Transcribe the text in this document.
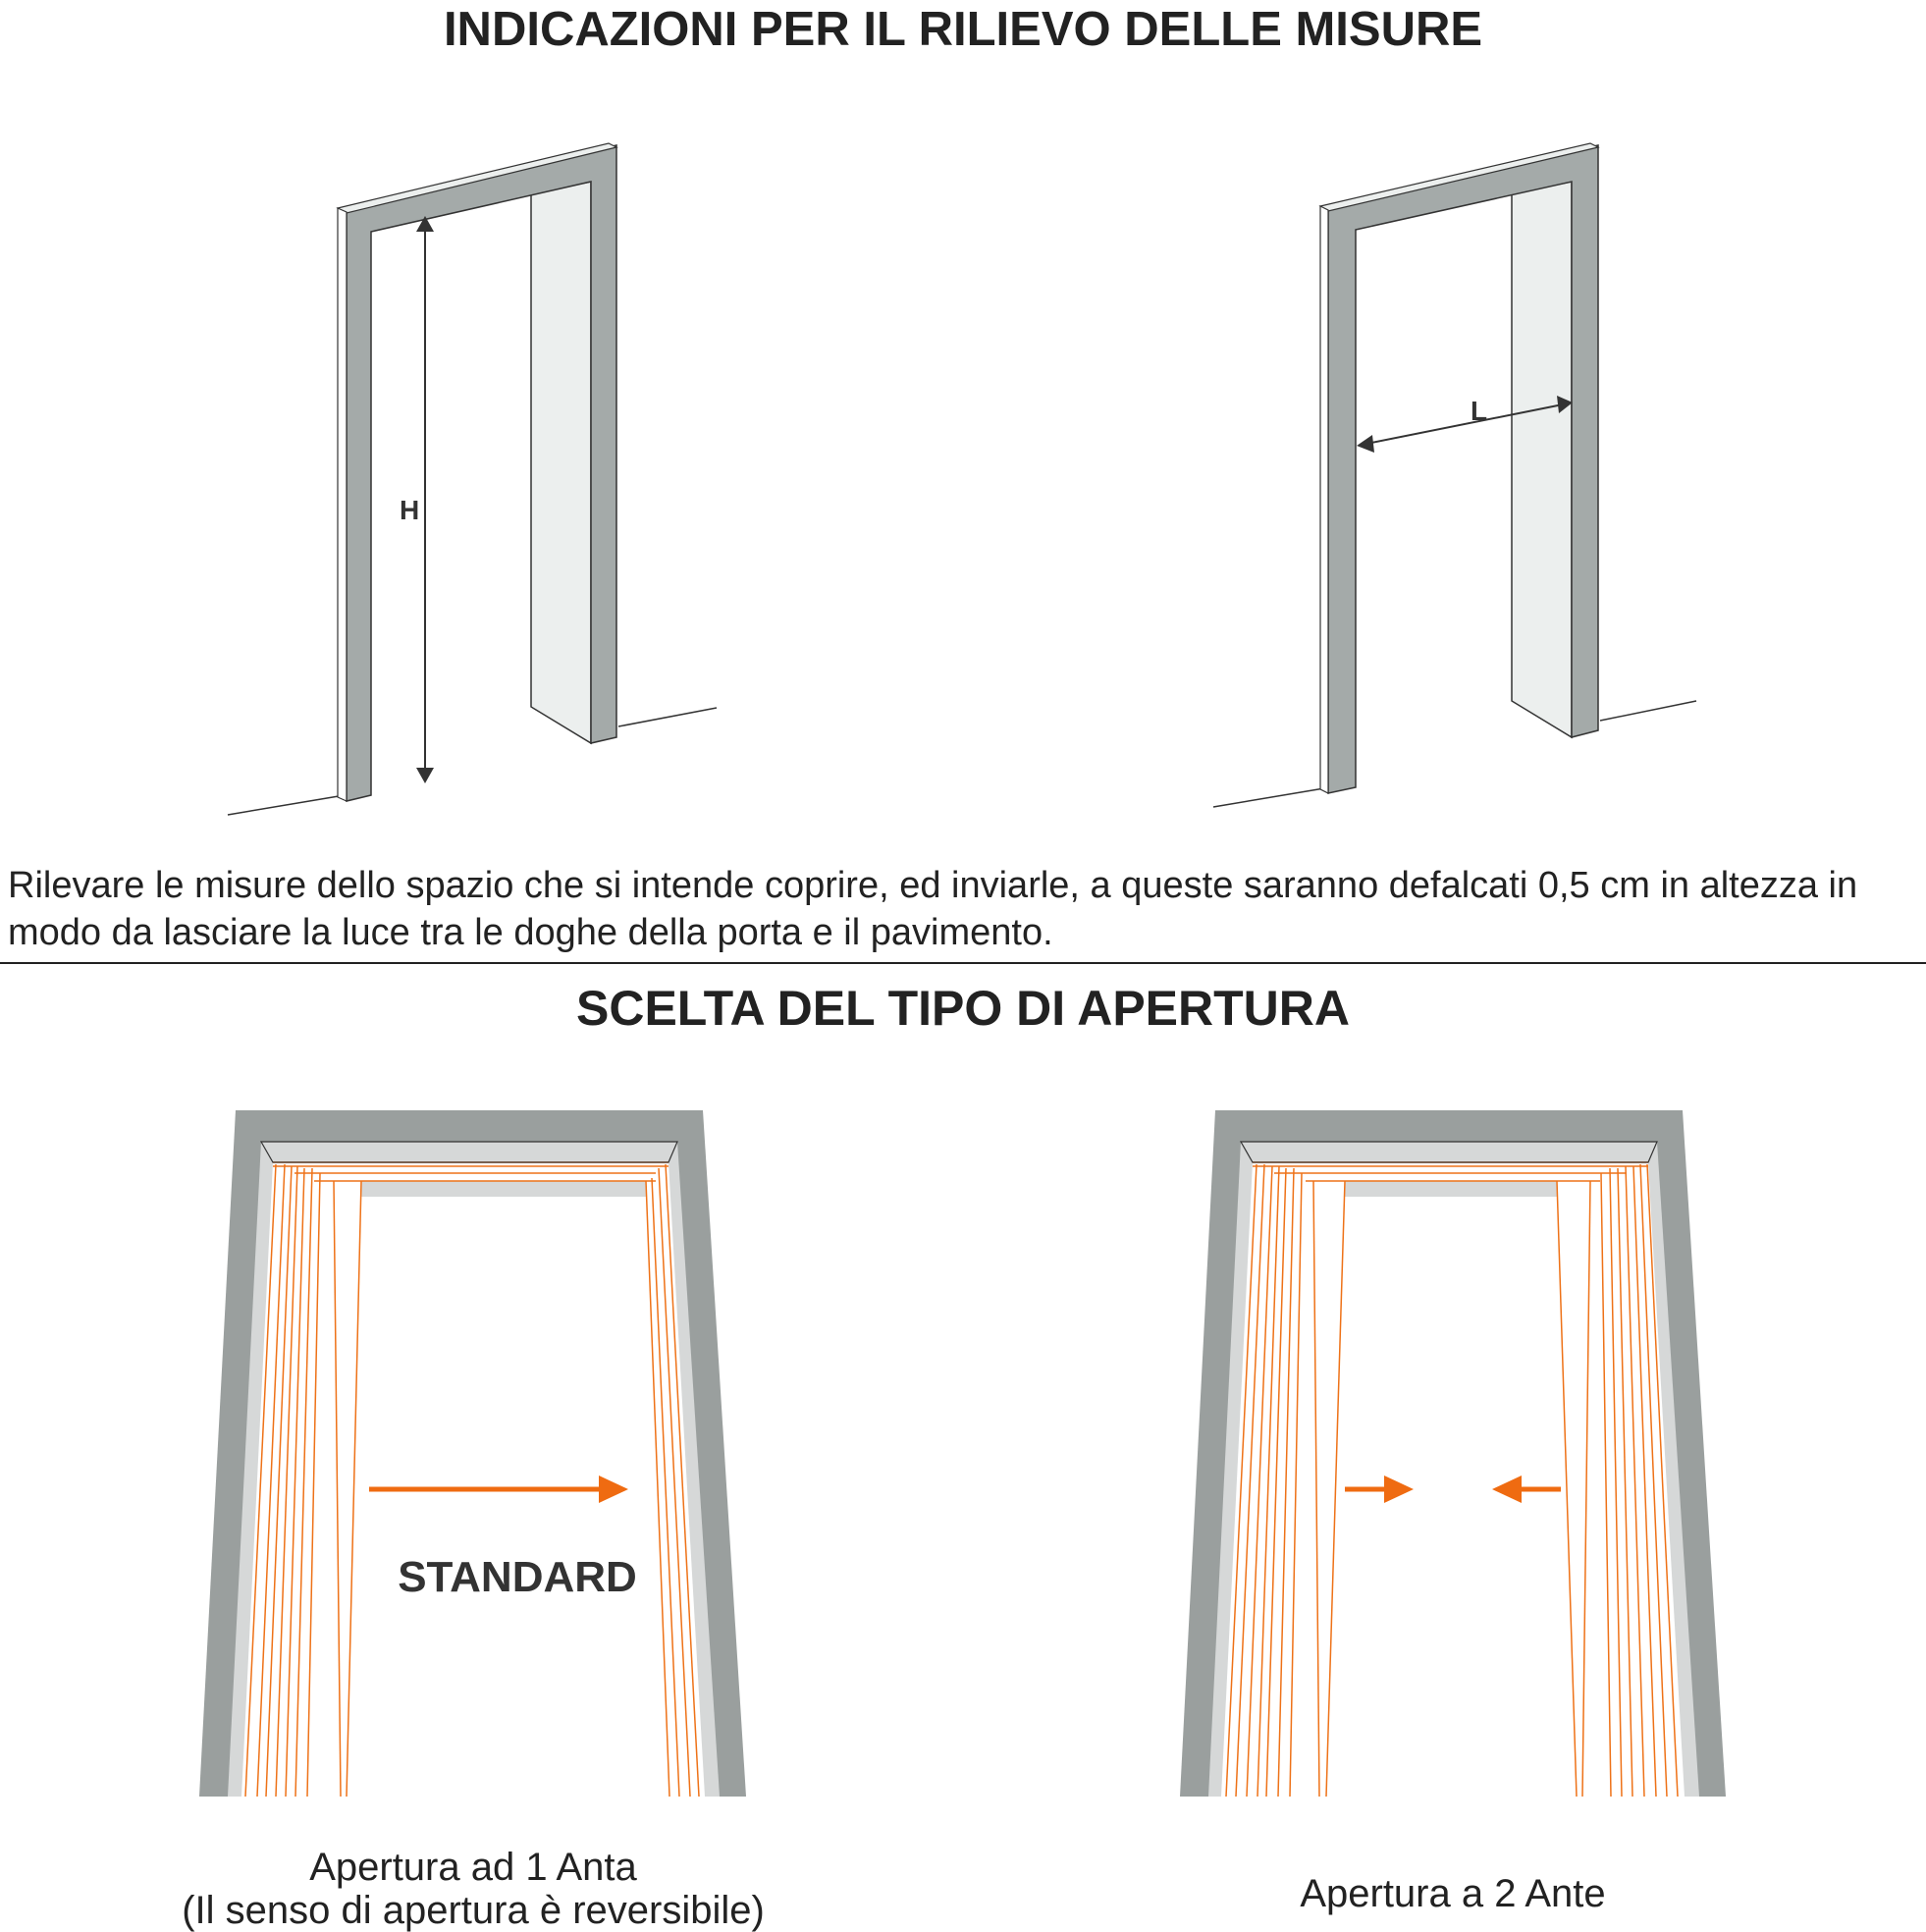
H
L
STANDARD
INDICAZIONI PER IL RILIEVO DELLE MISURE

Rilevare le misure dello spazio che si intende coprire, ed inviarle, a queste saranno defalcati 0,5 cm in altezza in modo da lasciare la luce tra le doghe della porta e il pavimento.

SCELTA DEL TIPO DI APERTURA
Apertura ad 1 Anta
(Il senso di apertura è reversibile)	Apertura a 2 Ante
